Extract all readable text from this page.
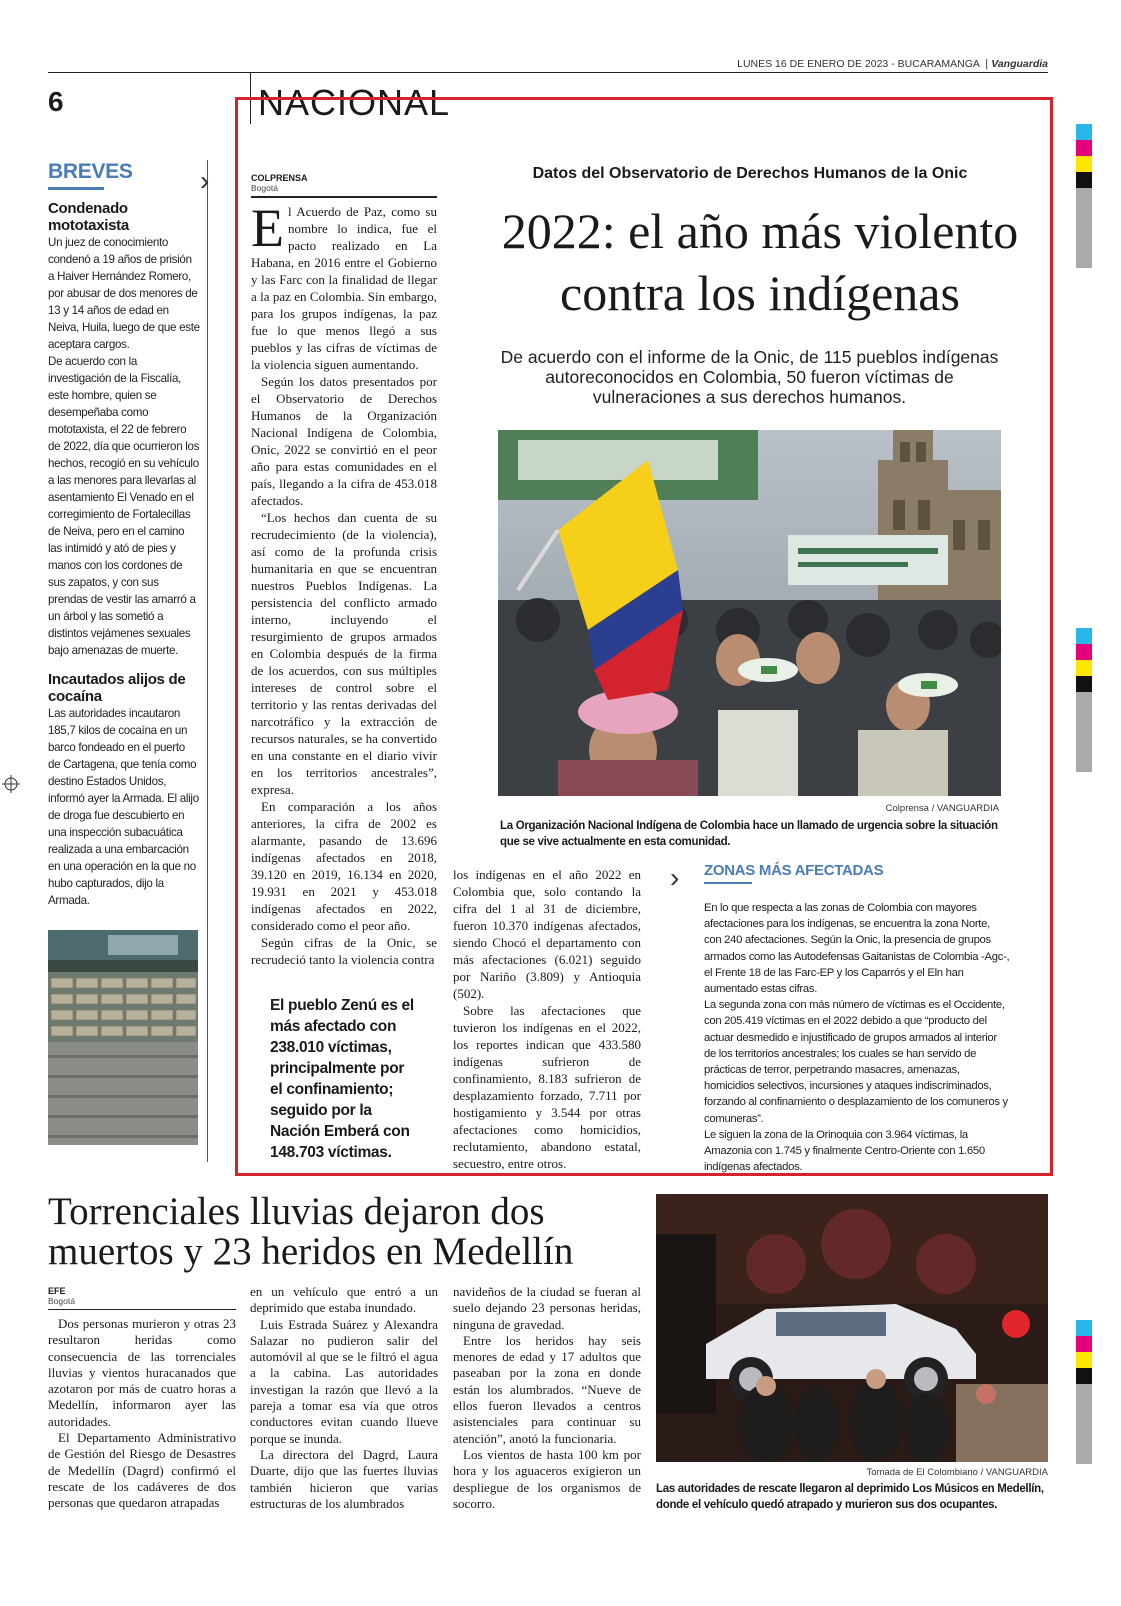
LUNES 16 DE ENERO DE 2023 - BUCARAMANGA  | Vanguardia
6	NACIONAL
BREVES
Condenado mototaxista

Un juez de conocimiento condenó a 19 años de prisión a Haiver Hernández Romero, por abusar de dos menores de 13 y 14 años de edad en Neiva, Huila, luego de que este aceptara cargos.

De acuerdo con la investigación de la Fiscalía, este hombre, quien se desempeñaba como mototaxista, el 22 de febrero de 2022, día que ocurrieron los hechos, recogió en su vehículo a las menores para llevarlas al asentamiento El Venado en el corregimiento de Fortalecillas de Neiva, pero en el camino las intimidó y ató de pies y manos con los cordones de sus zapatos, y con sus prendas de vestir las amarró a un árbol y las sometió a distintos vejámenes sexuales bajo amenazas de muerte.

Incautados alijos de cocaína

Las autoridades incautaron 185,7 kilos de cocaína en un barco fondeado en el puerto de Cartagena, que tenía como destino Estados Unidos, informó ayer la Armada. El alijo de droga fue descubierto en una inspección subacuática realizada a una embarcación en una operación en la que no hubo capturados, dijo la Armada.

›	COLPRENSA
Bogotá

El Acuerdo de Paz, como su nombre lo indica, fue el pacto realizado en La Habana, en 2016 entre el Gobierno y las Farc con la finalidad de llegar a la paz en Colombia. Sin embargo, para los grupos indígenas, la paz fue lo que menos llegó a sus pueblos y las cifras de víctimas de la violencia siguen aumentando.

Según los datos presentados por el Observatorio de Derechos Humanos de la Organización Nacional Indígena de Colombia, Onic, 2022 se convirtió en el peor año para estas comunidades en el país, llegando a la cifra de 453.018 afectados.

“Los hechos dan cuenta de su recrudecimiento (de la violencia), así como de la profunda crisis humanitaria en que se encuentran nuestros Pueblos Indígenas. La persistencia del conflicto armado interno, incluyendo el resurgimiento de grupos armados en Colombia después de la firma de los acuerdos, con sus múltiples intereses de control sobre el territorio y las rentas derivadas del narcotráfico y la extracción de recursos naturales, se ha convertido en una constante en el diario vivir en los territorios ancestrales”, expresa.

En comparación a los años anteriores, la cifra de 2002 es alarmante, pasando de 13.696 indígenas afectados en 2018, 39.120 en 2019, 16.134 en 2020, 19.931 en 2021 y 453.018 indígenas afectados en 2022, considerado como el peor año.

Según cifras de la Onic, se recrudeció tanto la violencia contra

Datos del Observatorio de Derechos Humanos de la Onic
2022: el año más violento
contra los indígenas
De acuerdo con el informe de la Onic, de 115 pueblos indígenas autoreconocidos en Colombia, 50 fueron víctimas de vulneraciones a sus derechos humanos.
Colprensa / VANGUARDIA
La Organización Nacional Indígena de Colombia hace un llamado de urgencia sobre la situación que se vive actualmente en esta comunidad.

los indígenas en el año 2022 en Colombia que, solo contando la cifra del 1 al 31 de diciembre, fueron 10.370 indígenas afectados, siendo Chocó el departamento con más afectaciones (6.021) seguido por Nariño (3.809) y Antioquia (502).

Sobre las afectaciones que tuvieron los indígenas en el 2022, los reportes indican que 433.580 indígenas sufrieron de confinamiento, 8.183 sufrieron de desplazamiento forzado, 7.711 por hostigamiento y 3.544 por otras afectaciones como homicidios, reclutamiento, abandono estatal, secuestro, entre otros.

El pueblo Zenú es el más afectado con 238.010 víctimas, principalmente por el confinamiento; seguido por la Nación Emberá con 148.703 víctimas.
› ZONAS MÁS AFECTADAS

En lo que respecta a las zonas de Colombia con mayores afectaciones para los indígenas, se encuentra la zona Norte, con 240 afectaciones. Según la Onic, la presencia de grupos armados como las Autodefensas Gaitanistas de Colombia -Agc-, el Frente 18 de las Farc-EP y los Caparrós y el Eln han aumentado estas cifras.

La segunda zona con más número de víctimas es el Occidente, con 205.419 víctimas en el 2022 debido a que “producto del actuar desmedido e injustificado de grupos armados al interior de los territorios ancestrales; los cuales se han servido de prácticas de terror, perpetrando masacres, amenazas, homicidios selectivos, incursiones y ataques indiscriminados, forzando al confinamiento o desplazamiento de los comuneros y comuneras”.

Le siguen la zona de la Orinoquia con 3.964 víctimas, la Amazonia con 1.745 y finalmente Centro-Oriente con 1.650 indígenas afectados.

Torrenciales lluvias dejaron dos muertos y 23 heridos en Medellín
EFE
Bogotá

Dos personas murieron y otras 23 resultaron heridas como consecuencia de las torrenciales lluvias y vientos huracanados que azotaron por más de cuatro horas a Medellín, informaron ayer las autoridades.

El Departamento Administrativo de Gestión del Riesgo de Desastres de Medellín (Dagrd) confirmó el rescate de los cadáveres de dos personas que quedaron atrapadas

en un vehículo que entró a un deprimido que estaba inundado.

Luis Estrada Suárez y Alexandra Salazar no pudieron salir del automóvil al que se le filtró el agua a la cabina. Las autoridades investigan la razón que llevó a la pareja a tomar esa vía que otros conductores evitan cuando llueve porque se inunda.

La directora del Dagrd, Laura Duarte, dijo que las fuertes lluvias también hicieron que varias estructuras de los alumbrados

navideños de la ciudad se fueran al suelo dejando 23 personas heridas, ninguna de gravedad.

Entre los heridos hay seis menores de edad y 17 adultos que paseaban por la zona en donde están los alumbrados. “Nueve de ellos fueron llevados a centros asistenciales para continuar su atención”, anotó la funcionaria.

Los vientos de hasta 100 km por hora y los aguaceros exigieron un despliegue de los organismos de socorro.

Tomada de El Colombiano / VANGUARDIA
Las autoridades de rescate llegaron al deprimido Los Músicos en Medellín, donde el vehículo quedó atrapado y murieron sus dos ocupantes.
